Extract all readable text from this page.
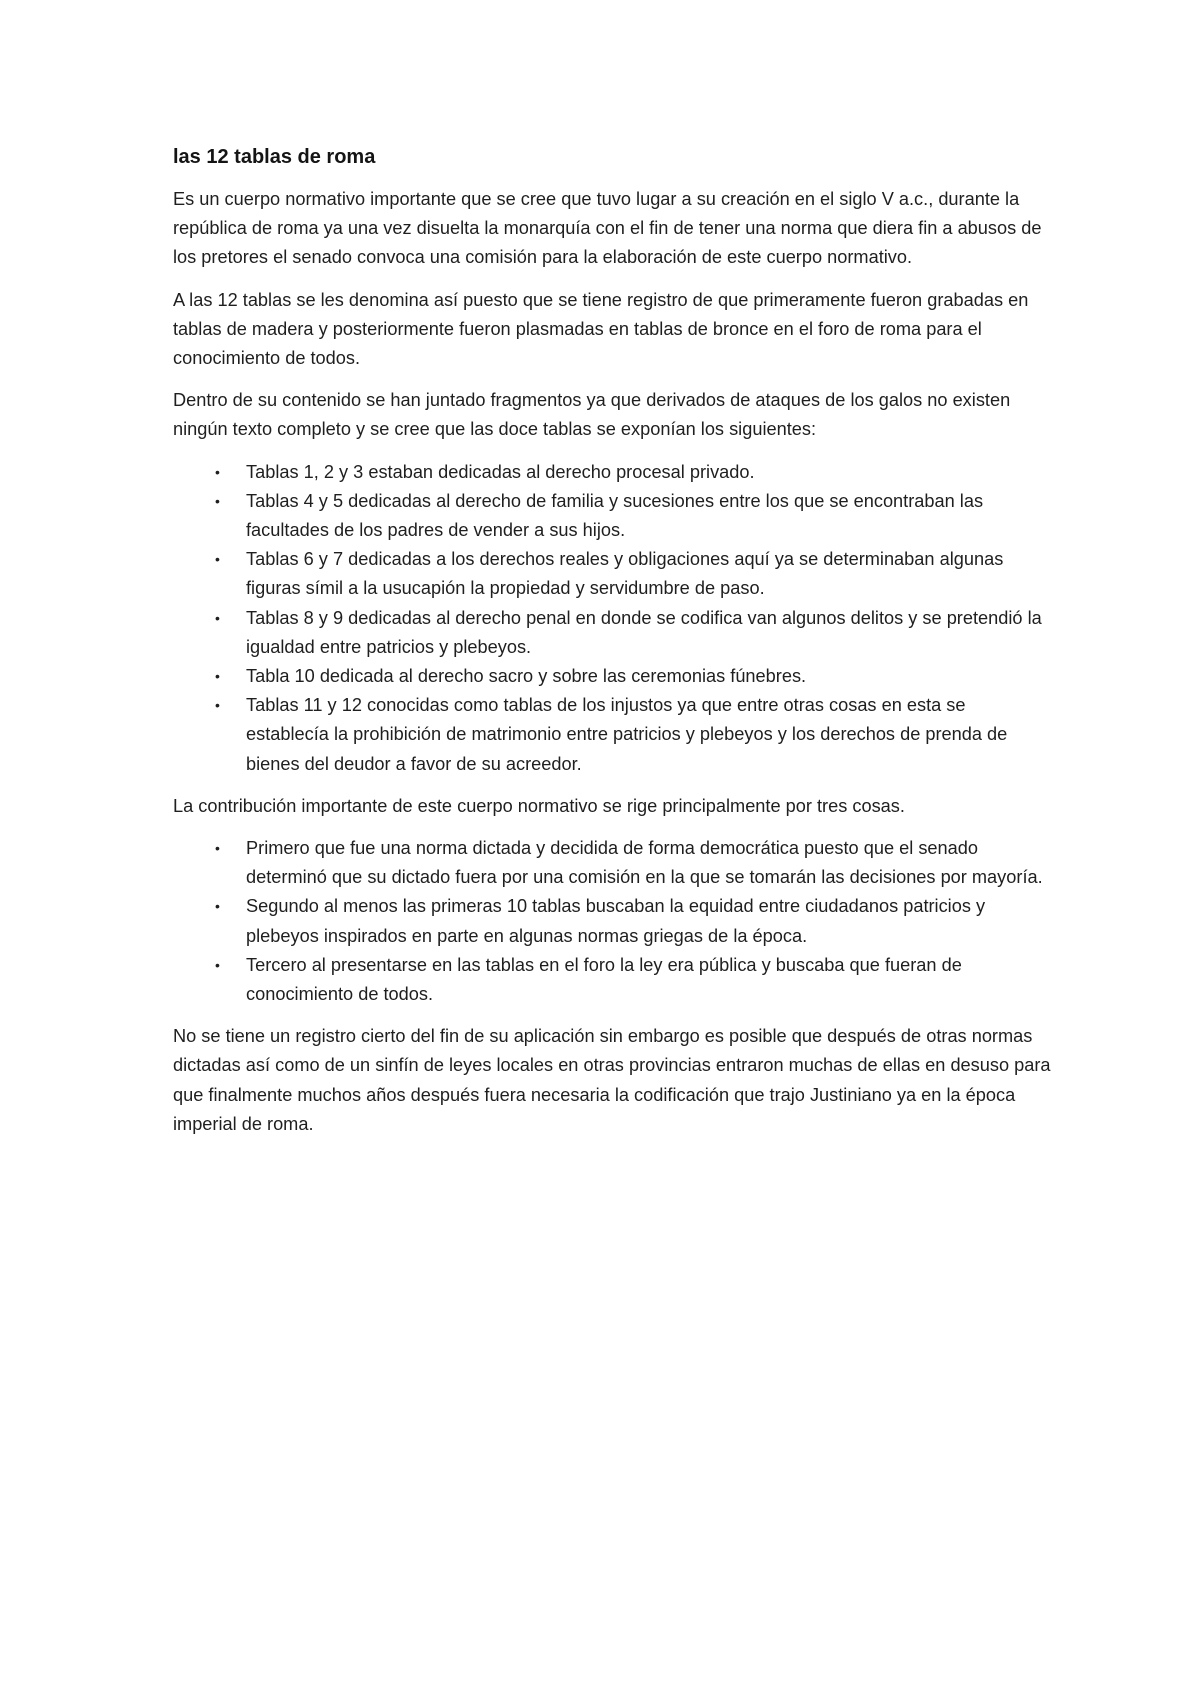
las 12 tablas de roma

Es un cuerpo normativo importante que se cree que tuvo lugar a su creación en el siglo V a.c., durante la república de roma ya una vez disuelta la monarquía con el fin de tener una norma que diera fin a abusos de los pretores el senado convoca una comisión para la elaboración de este cuerpo normativo.

A las 12 tablas se les denomina así puesto que se tiene registro de que primeramente fueron grabadas en tablas de madera y posteriormente fueron plasmadas en tablas de bronce en el foro de roma para el conocimiento de todos.

Dentro de su contenido se han juntado fragmentos ya que derivados de ataques de los galos no existen ningún texto completo y se cree que las doce tablas se exponían los siguientes:

• Tablas 1, 2 y 3 estaban dedicadas al derecho procesal privado.
• Tablas 4 y 5 dedicadas al derecho de familia y sucesiones entre los que se encontraban las facultades de los padres de vender a sus hijos.
• Tablas 6 y 7 dedicadas a los derechos reales y obligaciones aquí ya se determinaban algunas figuras símil a la usucapión la propiedad y servidumbre de paso.
• Tablas 8 y 9 dedicadas al derecho penal en donde se codifica van algunos delitos y se pretendió la igualdad entre patricios y plebeyos.
• Tabla 10 dedicada al derecho sacro y sobre las ceremonias fúnebres.
• Tablas 11 y 12 conocidas como tablas de los injustos ya que entre otras cosas en esta se establecía la prohibición de matrimonio entre patricios y plebeyos y los derechos de prenda de bienes del deudor a favor de su acreedor.

La contribución importante de este cuerpo normativo se rige principalmente por tres cosas.

• Primero que fue una norma dictada y decidida de forma democrática puesto que el senado determinó que su dictado fuera por una comisión en la que se tomarán las decisiones por mayoría.
• Segundo al menos las primeras 10 tablas buscaban la equidad entre ciudadanos patricios y plebeyos inspirados en parte en algunas normas griegas de la época.
• Tercero al presentarse en las tablas en el foro la ley era pública y buscaba que fueran de conocimiento de todos.

No se tiene un registro cierto del fin de su aplicación sin embargo es posible que después de otras normas dictadas así como de un sinfín de leyes locales en otras provincias entraron muchas de ellas en desuso para que finalmente muchos años después fuera necesaria la codificación que trajo Justiniano ya en la época imperial de roma.
